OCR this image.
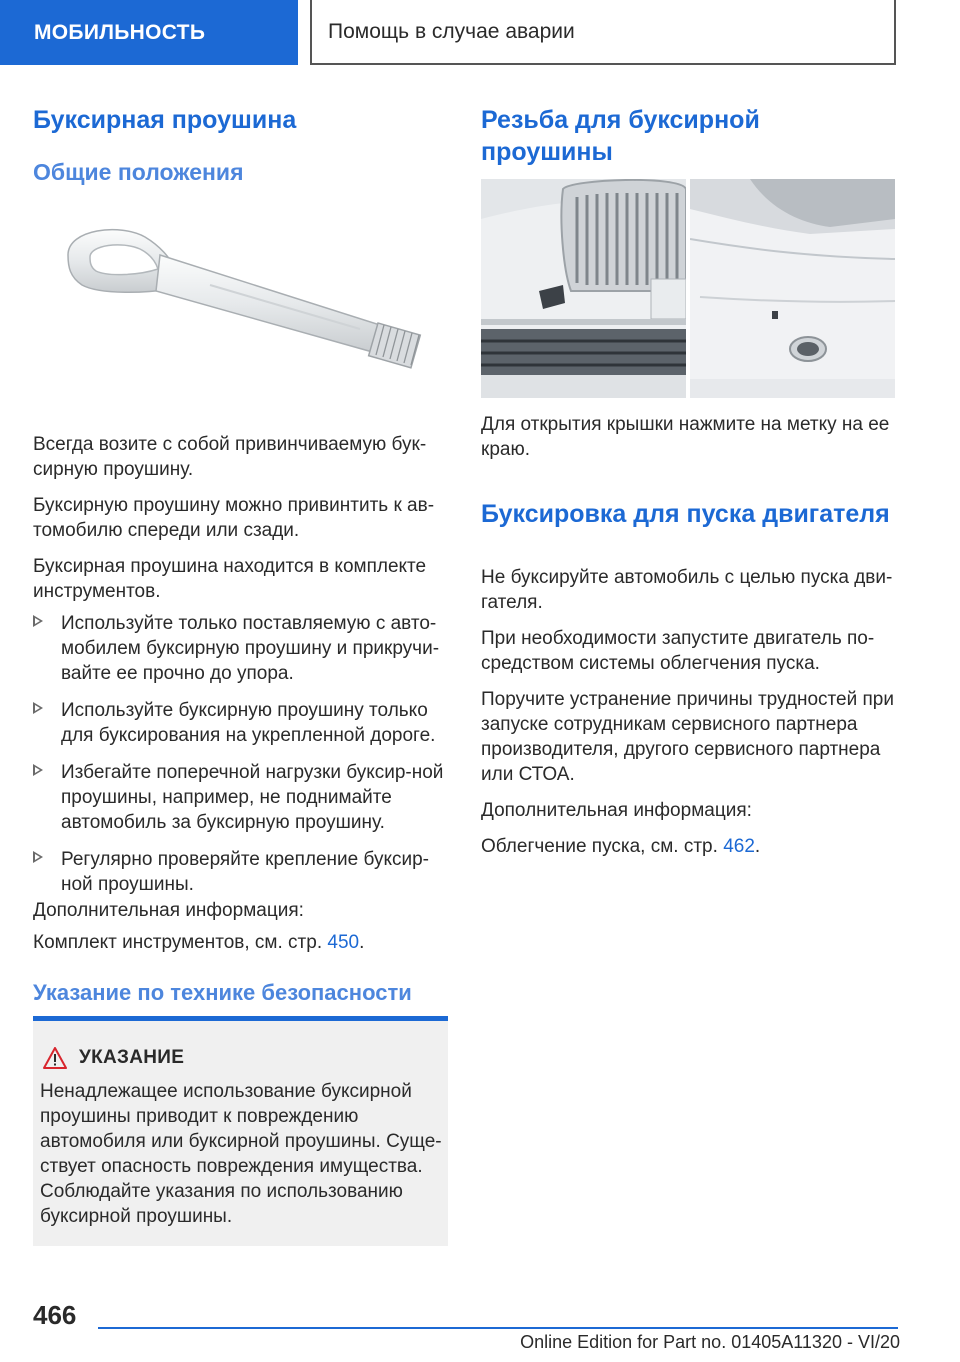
МОБИЛЬНОСТЬ	Помощь в случае аварии
Буксирная проушина
Общие положения

Всегда возите с собой привинчиваемую бук-сирную проушину.

Буксирную проушину можно привинтить к ав-томобилю спереди или сзади.

Буксирная проушина находится в комплекте инструментов.

Используйте только поставляемую с авто-мобилем буксирную проушину и прикручи-вайте ее прочно до упора.
Используйте буксирную проушину только для буксирования на укрепленной дороге.
Избегайте поперечной нагрузки буксир-ной проушины, например, не поднимайте автомобиль за буксирную проушину.
Регулярно проверяйте крепление буксир-ной проушины.

Дополнительная информация:

Комплект инструментов, см. стр. 450.

Указание по технике безопасности
УКАЗАНИЕ

Ненадлежащее использование буксирной проушины приводит к повреждению автомобиля или буксирной проушины. Суще-ствует опасность повреждения имущества. Соблюдайте указания по использованию буксирной проушины.

Резьба для буксирной проушины

Для открытия крышки нажмите на метку на ее краю.

Буксировка для пуска двигателя

Не буксируйте автомобиль с целью пуска дви-гателя.

При необходимости запустите двигатель по-средством системы облегчения пуска.

Поручите устранение причины трудностей при запуске сотрудникам сервисного партнера производителя, другого сервисного партнера или СТОА.

Дополнительная информация:

Облегчение пуска, см. стр. 462.

466
Online Edition for Part no. 01405A11320 - VI/20
